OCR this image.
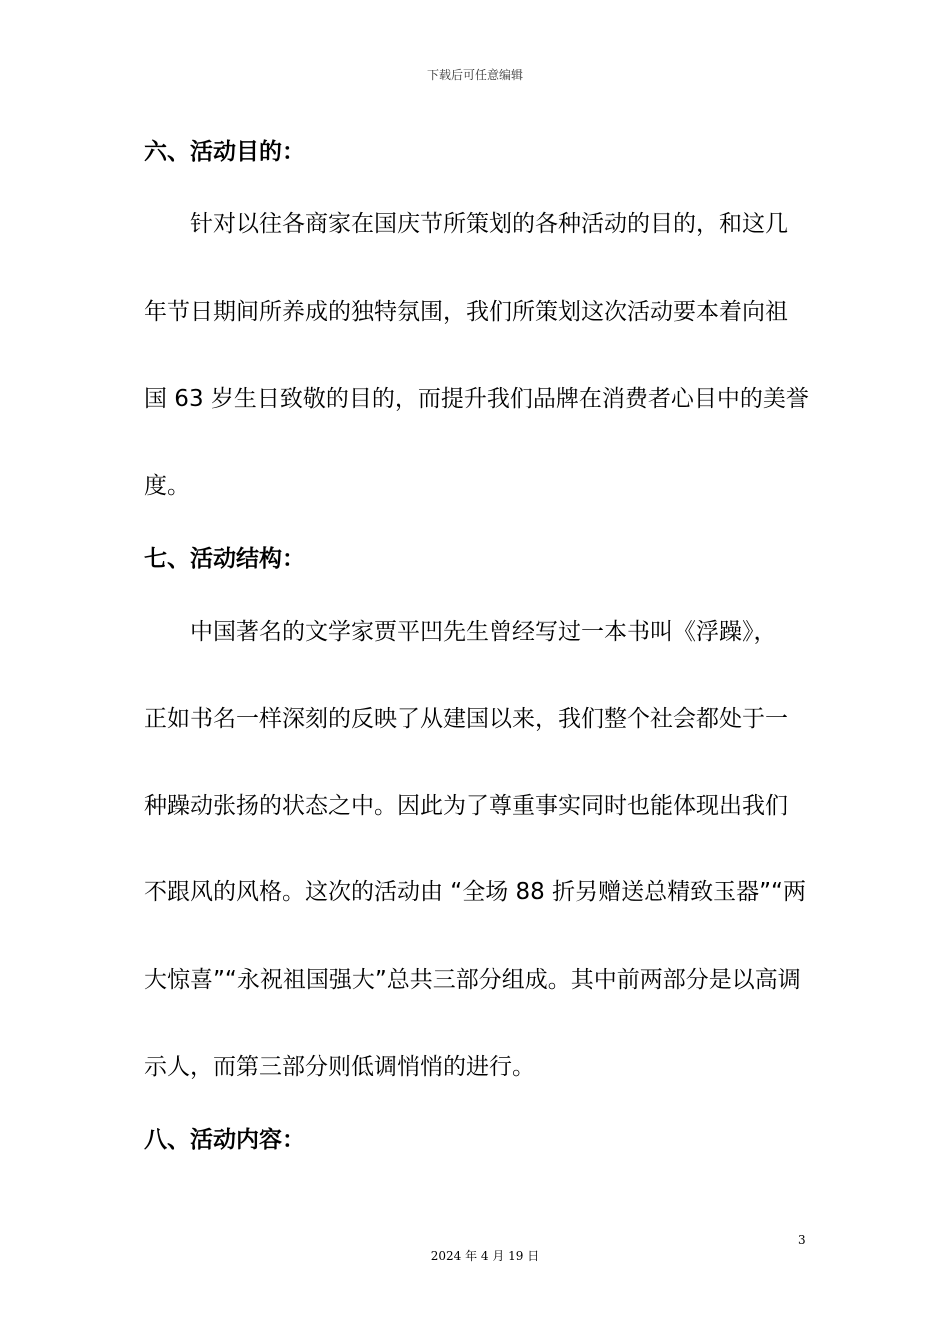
下载后可任意编辑
六、活动目的：
针对以往各商家在国庆节所策划的各种活动的目的，和这几
年节日期间所养成的独特氛围，我们所策划这次活动要本着向祖
国 63 岁生日致敬的目的，而提升我们品牌在消费者心目中的美誉
度。
七、活动结构：
中国著名的文学家贾平凹先生曾经写过一本书叫《浮躁》，
正如书名一样深刻的反映了从建国以来，我们整个社会都处于一
种躁动张扬的状态之中。因此为了尊重事实同时也能体现出我们
不跟风的风格。这次的活动由 “全场 88 折另赠送总精致玉器”“两
大惊喜”“永祝祖国强大”总共三部分组成。其中前两部分是以高调
示人，而第三部分则低调悄悄的进行。
八、活动内容：
3
2024 年 4 月 19 日
